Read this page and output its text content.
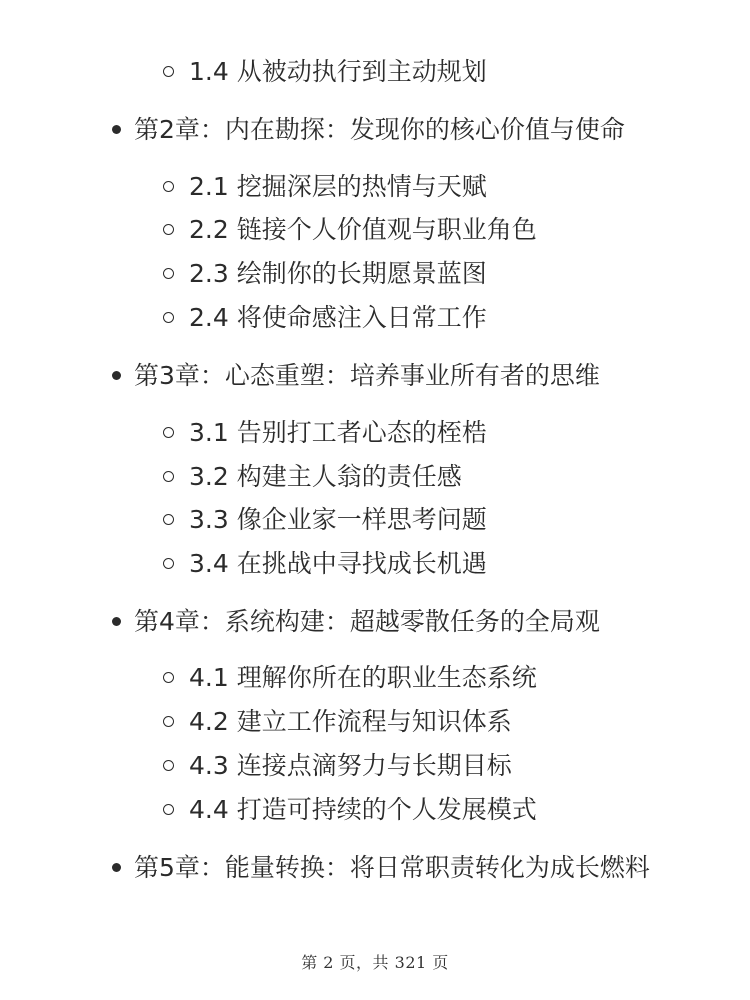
1.4 从被动执行到主动规划
第2章：内在勘探：发现你的核心价值与使命
2.1 挖掘深层的热情与天赋
2.2 链接个人价值观与职业角色
2.3 绘制你的长期愿景蓝图
2.4 将使命感注入日常工作
第3章：心态重塑：培养事业所有者的思维
3.1 告别打工者心态的桎梏
3.2 构建主人翁的责任感
3.3 像企业家一样思考问题
3.4 在挑战中寻找成长机遇
第4章：系统构建：超越零散任务的全局观
4.1 理解你所在的职业生态系统
4.2 建立工作流程与知识体系
4.3 连接点滴努力与长期目标
4.4 打造可持续的个人发展模式
第5章：能量转换：将日常职责转化为成长燃料
第 2 页，共 321 页
